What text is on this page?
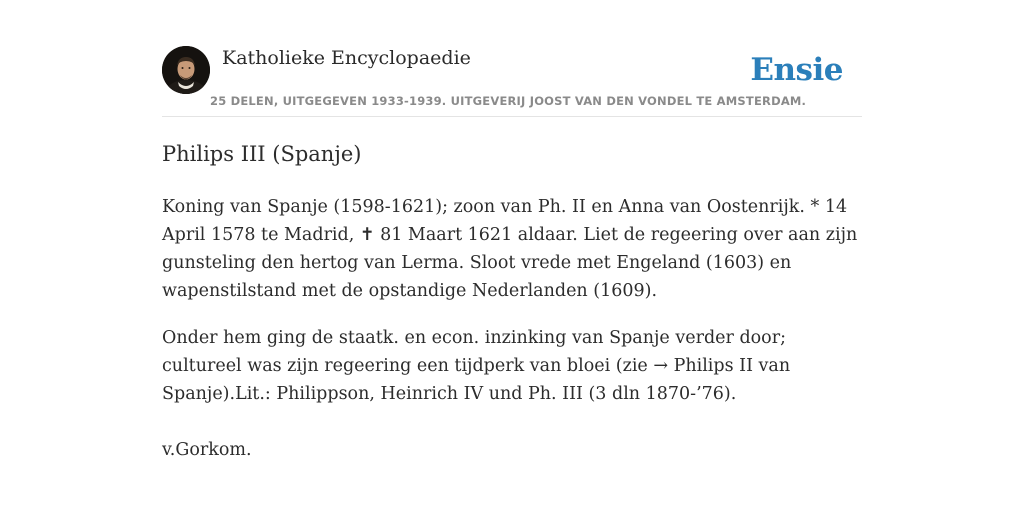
Katholieke Encyclopaedie
25 DELEN, UITGEGEVEN 1933-1939. UITGEVERIJ JOOST VAN DEN VONDEL TE AMSTERDAM.
Ensie
Philips III (Spanje)

Koning van Spanje (1598-1621); zoon van Ph. II en Anna van Oostenrijk. * 14 April 1578 te Madrid, ✝ 81 Maart 1621 aldaar. Liet de regeering over aan zijn gunsteling den hertog van Lerma. Sloot vrede met Engeland (1603) en wapenstilstand met de opstandige Nederlanden (1609).

Onder hem ging de staatk. en econ. inzinking van Spanje verder door; cultureel was zijn regeering een tijdperk van bloei (zie → Philips II van Spanje).Lit.: Philippson, Heinrich IV und Ph. III (3 dln 1870-’76).

v.Gorkom.
